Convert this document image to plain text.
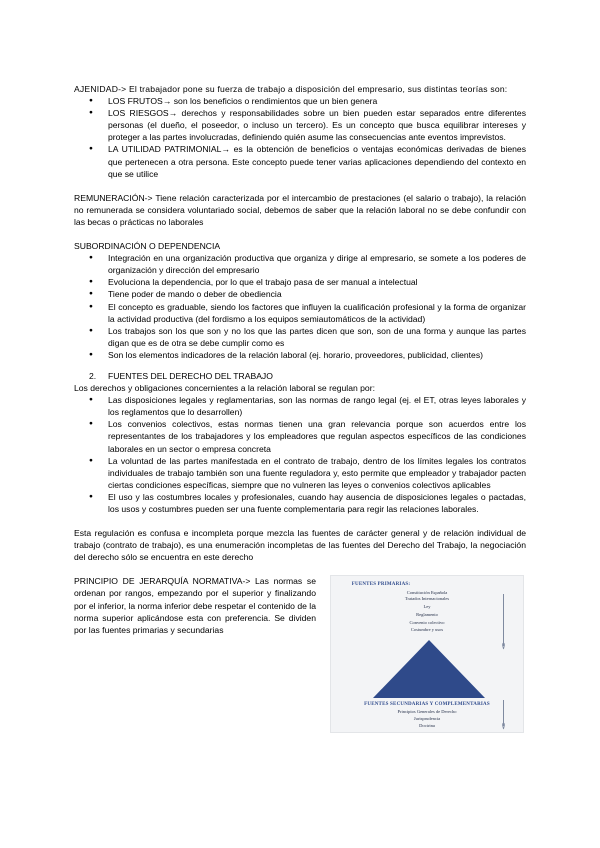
AJENIDAD-> El trabajador pone su fuerza de trabajo a disposición del empresario, sus distintas teorías son:

● LOS FRUTOS→ son los beneficios o rendimientos que un bien genera
● LOS RIESGOS→ derechos y responsabilidades sobre un bien pueden estar separados entre diferentes personas (el dueño, el poseedor, o incluso un tercero). Es un concepto que busca equilibrar intereses y proteger a las partes involucradas, definiendo quién asume las consecuencias ante eventos imprevistos.
● LA UTILIDAD PATRIMONIAL→ es la obtención de beneficios o ventajas económicas derivadas de bienes que pertenecen a otra persona. Este concepto puede tener varias aplicaciones dependiendo del contexto en que se utilice

REMUNERACIÓN-> Tiene relación caracterizada por el intercambio de prestaciones (el salario o trabajo), la relación no remunerada se considera voluntariado social, debemos de saber que la relación laboral no se debe confundir con las becas o prácticas no laborales

SUBORDINACIÓN O DEPENDENCIA

● Integración en una organización productiva que organiza y dirige al empresario, se somete a los poderes de organización y dirección del empresario
● Evoluciona la dependencia, por lo que el trabajo pasa de ser manual a intelectual
● Tiene poder de mando o deber de obediencia
● El concepto es graduable, siendo los factores que influyen la cualificación profesional y la forma de organizar la actividad productiva (del fordismo a los equipos semiautomáticos de la actividad)
● Los trabajos son los que son y no los que las partes dicen que son, son de una forma y aunque las partes digan que es de otra se debe cumplir como es
● Son los elementos indicadores de la relación laboral (ej. horario, proveedores, publicidad, clientes)
2. FUENTES DEL DERECHO DEL TRABAJO

Los derechos y obligaciones concernientes a la relación laboral se regulan por:

● Las disposiciones legales y reglamentarias, son las normas de rango legal (ej. el ET, otras leyes laborales y los reglamentos que lo desarrollen)
● Los convenios colectivos, estas normas tienen una gran relevancia porque son acuerdos entre los representantes de los trabajadores y los empleadores que regulan aspectos específicos de las condiciones laborales en un sector o empresa concreta
● La voluntad de las partes manifestada en el contrato de trabajo, dentro de los límites legales los contratos individuales de trabajo también son una fuente reguladora y, esto permite que empleador y trabajador pacten ciertas condiciones específicas, siempre que no vulneren las leyes o convenios colectivos aplicables
● El uso y las costumbres locales y profesionales, cuando hay ausencia de disposiciones legales o pactadas, los usos y costumbres pueden ser una fuente complementaria para regir las relaciones laborales.

Esta regulación es confusa e incompleta porque mezcla las fuentes de carácter general y de relación individual de trabajo (contrato de trabajo), es una enumeración incompletas de las fuentes del Derecho del Trabajo, la negociación del derecho sólo se encuentra en este derecho

PRINCIPIO DE JERARQUÍA NORMATIVA-> Las normas se ordenan por rangos, empezando por el superior y finalizando por el inferior, la norma inferior debe respetar el contenido de la norma superior aplicándose esta con preferencia. Se dividen por las fuentes primarias y secundarias

FUENTES PRIMARIAS:
Constitución Española
Tratados Internacionales
Ley
Reglamento
Convenio colectivo
Costumbre y usos
FUENTES SECUNDARIAS Y COMPLEMENTARIAS
Principios Generales de Derecho
Jurisprudencia
Doctrina
